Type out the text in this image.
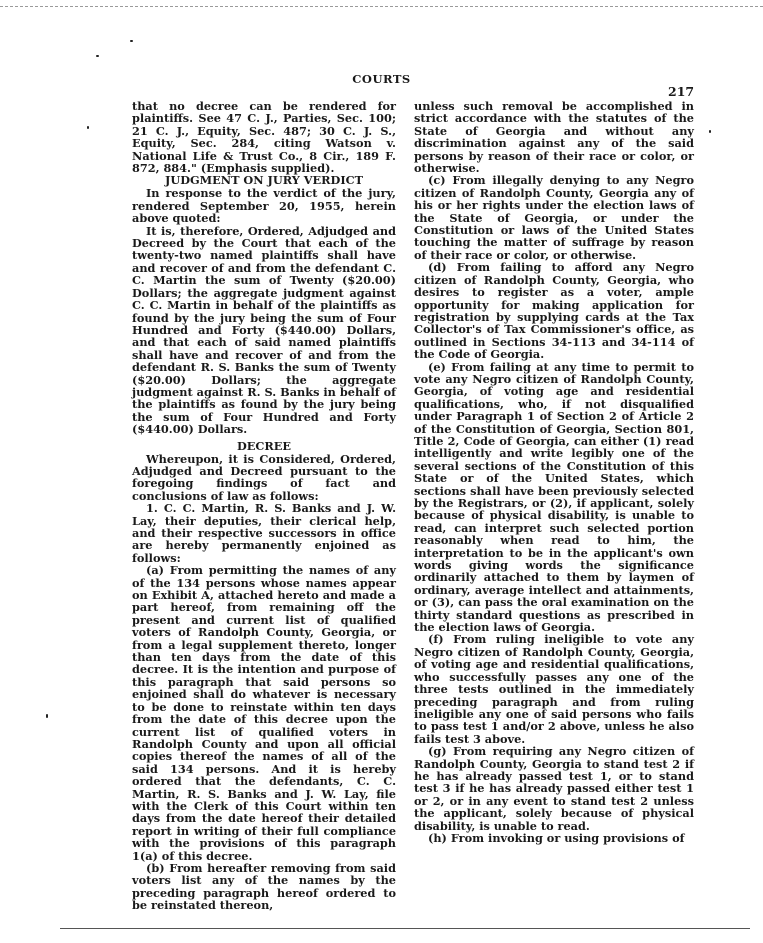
COURTS
217

that no decree can be rendered for plaintiffs. See 47 C. J., Parties, Sec. 100; 21 C. J., Equity, Sec. 487; 30 C. J. S., Equity, Sec. 284, citing Watson v. National Life & Trust Co., 8 Cir., 189 F. 872, 884." (Emphasis supplied).

JUDGMENT ON JURY VERDICT

In response to the verdict of the jury, rendered September 20, 1955, herein above quoted:

It is, therefore, Ordered, Adjudged and Decreed by the Court that each of the twenty-two named plaintiffs shall have and recover of and from the defendant C. C. Martin the sum of Twenty ($20.00) Dollars; the aggregate judgment against C. C. Martin in behalf of the plaintiffs as found by the jury being the sum of Four Hundred and Forty ($440.00) Dollars, and that each of said named plaintiffs shall have and recover of and from the defendant R. S. Banks the sum of Twenty ($20.00) Dollars; the aggregate judgment against R. S. Banks in behalf of the plaintiffs as found by the jury being the sum of Four Hundred and Forty ($440.00) Dollars.

DECREE

Whereupon, it is Considered, Ordered, Adjudged and Decreed pursuant to the foregoing findings of fact and conclusions of law as follows:

1. C. C. Martin, R. S. Banks and J. W. Lay, their deputies, their clerical help, and their respective successors in office are hereby permanently enjoined as follows:

(a) From permitting the names of any of the 134 persons whose names appear on Exhibit A, attached hereto and made a part hereof, from remaining off the present and current list of qualified voters of Randolph County, Georgia, or from a legal supplement thereto, longer than ten days from the date of this decree. It is the intention and purpose of this paragraph that said persons so enjoined shall do whatever is necessary to be done to reinstate within ten days from the date of this decree upon the current list of qualified voters in Randolph County and upon all official copies thereof the names of all of the said 134 persons. And it is hereby ordered that the defendants, C. C. Martin, R. S. Banks and J. W. Lay, file with the Clerk of this Court within ten days from the date hereof their detailed report in writing of their full compliance with the provisions of this paragraph 1(a) of this decree.

(b) From hereafter removing from said voters list any of the names by the preceding paragraph hereof ordered to be reinstated thereon,

unless such removal be accomplished in strict accordance with the statutes of the State of Georgia and without any discrimination against any of the said persons by reason of their race or color, or otherwise.

(c) From illegally denying to any Negro citizen of Randolph County, Georgia any of his or her rights under the election laws of the State of Georgia, or under the Constitution or laws of the United States touching the matter of suffrage by reason of their race or color, or otherwise.

(d) From failing to afford any Negro citizen of Randolph County, Georgia, who desires to register as a voter, ample opportunity for making application for registration by supplying cards at the Tax Collector's of Tax Commissioner's office, as outlined in Sections 34-113 and 34-114 of the Code of Georgia.

(e) From failing at any time to permit to vote any Negro citizen of Randolph County, Georgia, of voting age and residential qualifications, who, if not disqualified under Paragraph 1 of Section 2 of Article 2 of the Constitution of Georgia, Section 801, Title 2, Code of Georgia, can either (1) read intelligently and write legibly one of the several sections of the Constitution of this State or of the United States, which sections shall have been previously selected by the Registrars, or (2), if applicant, solely because of physical disability, is unable to read, can interpret such selected portion reasonably when read to him, the interpretation to be in the applicant's own words giving words the significance ordinarily attached to them by laymen of ordinary, average intellect and attainments, or (3), can pass the oral examination on the thirty standard questions as prescribed in the election laws of Georgia.

(f) From ruling ineligible to vote any Negro citizen of Randolph County, Georgia, of voting age and residential qualifications, who successfully passes any one of the three tests outlined in the immediately preceding paragraph and from ruling ineligible any one of said persons who fails to pass test 1 and/or 2 above, unless he also fails test 3 above.

(g) From requiring any Negro citizen of Randolph County, Georgia to stand test 2 if he has already passed test 1, or to stand test 3 if he has already passed either test 1 or 2, or in any event to stand test 2 unless the applicant, solely because of physical disability, is unable to read.

(h) From invoking or using provisions of
